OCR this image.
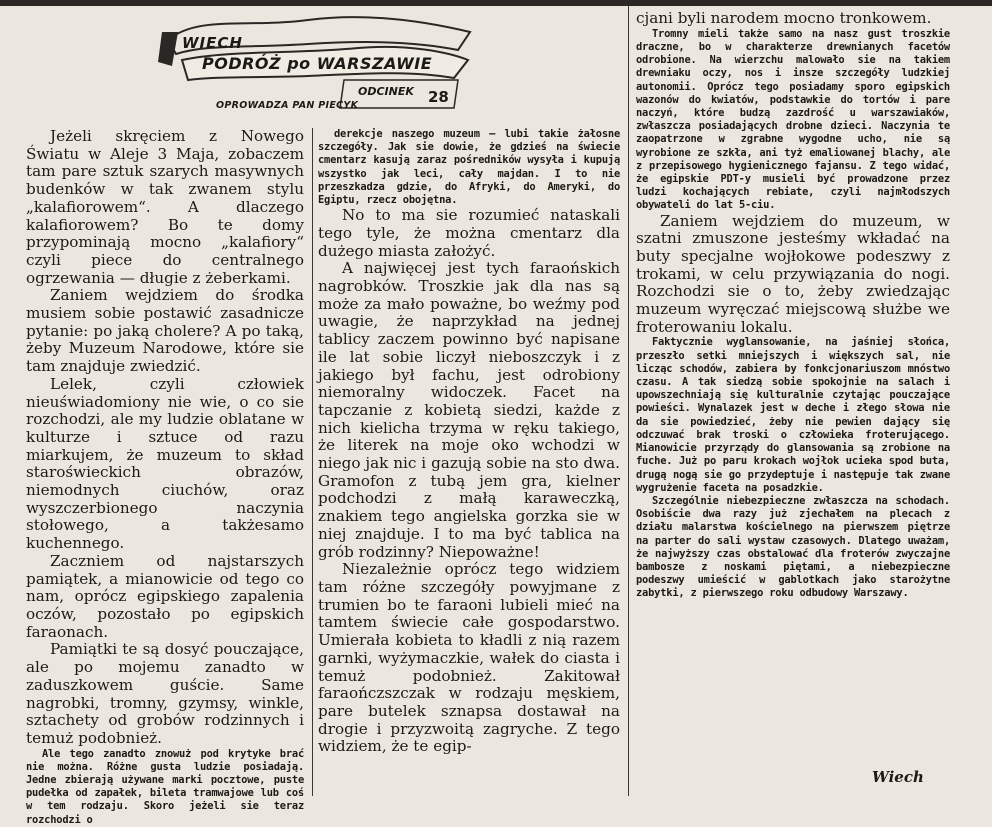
WIECH
PODRÓŻ po WARSZAWIE
ODCINEK 28
OPROWADZA PAN PIECYK

Jeżeli skręciem z Nowego Światu w Aleje 3 Maja, zobaczem tam pare sztuk szarych masywnych budenków w tak zwanem stylu „kalafiorowem“. A dlaczego kalafiorowem? Bo te domy przypominają mocno „kalafiory“ czyli piece do centralnego ogrzewania — długie z żeberkami.

Zaniem wejdziem do środka musiem sobie postawić zasadnicze pytanie: po jaką cholere? A po taką, żeby Muzeum Narodowe, które sie tam znajduje zwiedzić.

Lelek, czyli człowiek nieuświadomiony nie wie, o co sie rozchodzi, ale my ludzie oblatane w kulturze i sztuce od razu miarkujem, że muzeum to skład staroświeckich obrazów, niemodnych ciuchów, oraz wyszczerbionego naczynia stołowego, a takżesamo kuchennego.

Zaczniem od najstarszych pamiątek, a mianowicie od tego co nam, oprócz egipskiego zapalenia oczów, pozostało po egipskich faraonach.

Pamiątki te są dosyć pouczające, ale po mojemu zanadto w zaduszkowem guście. Same nagrobki, tromny, gzymsy, winkle, sztachety od grobów rodzinnych i temuż podobnież.

Ale tego zanadto znowuż pod krytyke brać nie można. Różne gusta ludzie posiadają. Jedne zbierają używane marki pocztowe, puste pudełka od zapałek, bileta tramwajowe lub coś w tem rodzaju. Skoro jeżeli sie teraz rozchodzi o

derekcje naszego muzeum — lubi takie żałosne szczegóły. Jak sie dowie, że gdzieś na świecie cmentarz kasują zaraz pośredników wysyła i kupują wszystko jak leci, cały majdan. I to nie przeszkadza gdzie, do Afryki, do Ameryki, do Egiptu, rzecz obojętna.

No to ma sie rozumieć nataskali tego tyle, że można cmentarz dla dużego miasta założyć.

A najwięcej jest tych faraońskich nagrobków. Troszkie jak dla nas są może za mało poważne, bo weźmy pod uwagie, że naprzykład na jednej tablicy zaczem powinno być napisane ile lat sobie liczył nieboszczyk i z jakiego był fachu, jest odrobiony niemoralny widoczek. Facet na tapczanie z kobietą siedzi, każde z nich kielicha trzyma w ręku takiego, że literek na moje oko wchodzi w niego jak nic i gazują sobie na sto dwa. Gramofon z tubą jem gra, kielner podchodzi z małą karaweczką, znakiem tego angielska gorzka sie w niej znajduje. I to ma być tablica na grób rodzinny? Niepoważne!

Niezależnie oprócz tego widziem tam różne szczegóły powyjmane z trumien bo te faraoni lubieli mieć na tamtem świecie całe gospodarstwo. Umierała kobieta to kładli z nią razem garnki, wyżymaczkie, wałek do ciasta i temuż podobnież. Zakitował faraończszczak w rodzaju męskiem, pare butelek sznapsa dostawał na drogie i przyzwoitą zagryche. Z tego widziem, że te egip-

cjani byli narodem mocno tronkowem.

Tromny mieli także samo na nasz gust troszkie draczne, bo w charakterze drewnianych facetów odrobione. Na wierzchu malowało sie na takiem drewniaku oczy, nos i insze szczegóły ludzkiej autonomii. Oprócz tego posiadamy sporo egipskich wazonów do kwiatów, podstawkie do tortów i pare naczyń, które budzą zazdrość u warszawiaków, zwłaszcza posiadających drobne dzieci. Naczynia te zaopatrzone w zgrabne wygodne ucho, nie są wyrobione ze szkła, ani tyż emaliowanej blachy, ale z przepisowego hygienicznego fajansu. Z tego widać, że egipskie PDT-y musieli być prowadzone przez ludzi kochających rebiate, czyli najmłodszych obywateli do lat 5-ciu.

Zaniem wejdziem do muzeum, w szatni zmuszone jesteśmy wkładać na buty specjalne wojłokowe podeszwy z trokami, w celu przywiązania do nogi. Rozchodzi sie o to, żeby zwiedzając muzeum wyręczać miejscową służbe we froterowaniu lokalu.

Faktycznie wyglansowanie, na jaśniej słońca, przeszło setki mniejszych i większych sal, nie licząc schodów, zabiera by fonkcjonariuszom mnóstwo czasu. A tak siedzą sobie spokojnie na salach i upowszechniają się kulturalnie czytając pouczające powieści. Wynalazek jest w deche i złego słowa nie da sie powiedzieć, żeby nie pewien dający się odczuwać brak troski o człowieka froterującego. Mianowicie przyrządy do glansowania są zrobione na fuche. Już po paru krokach wojłok ucieka spod buta, drugą nogą sie go przydeptuje i następuje tak zwane wygrużenie faceta na posadzkie.

Szczególnie niebezpieczne zwłaszcza na schodach. Osobiście dwa razy już zjechałem na plecach z działu malarstwa kościelnego na pierwszem piętrze na parter do sali wystaw czasowych. Dlatego uważam, że najwyższy czas obstalować dla froterów zwyczajne bambosze z noskami piętami, a niebezpieczne podeszwy umieścić w gablotkach jako starożytne zabytki, z pierwszego roku odbudowy Warszawy.

Wiech
